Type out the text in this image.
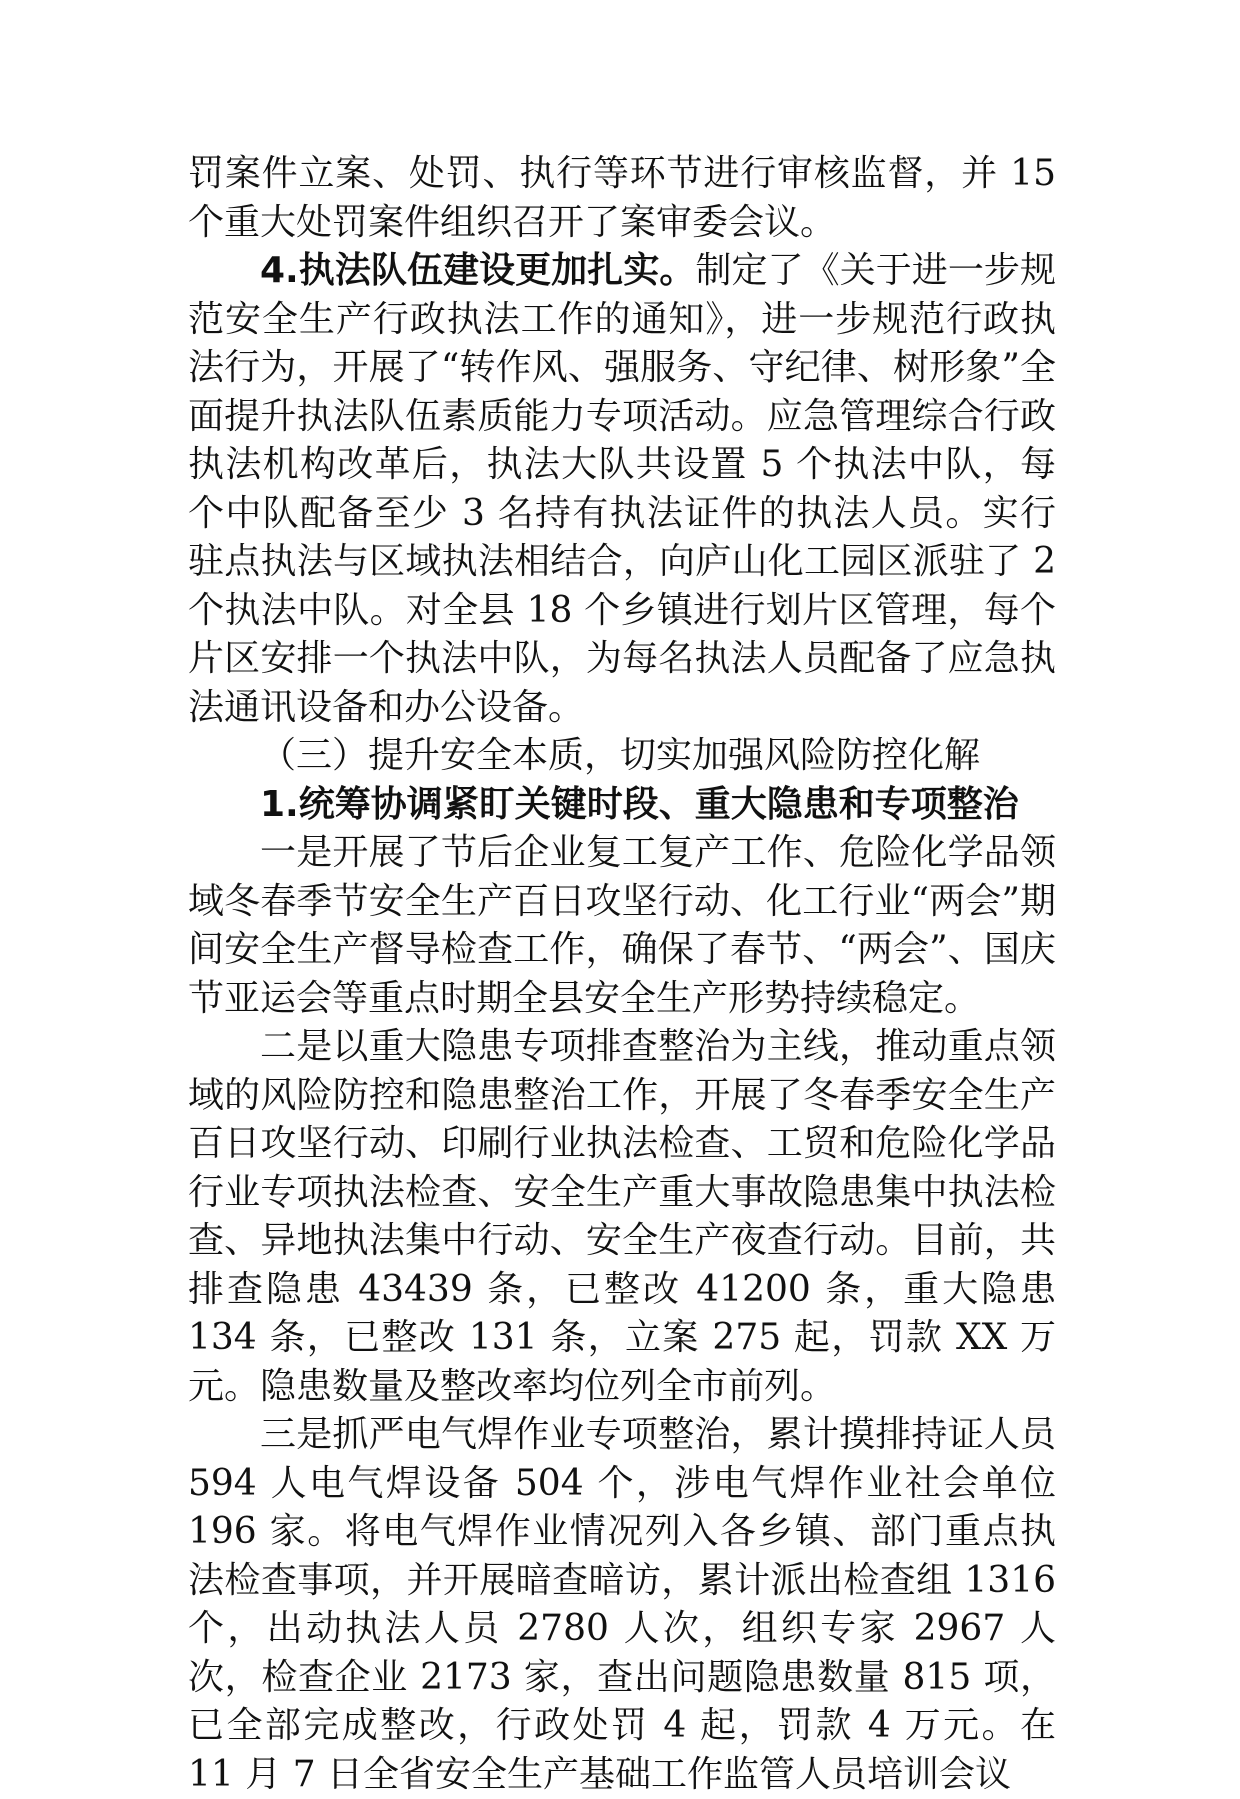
罚案件立案、处罚、执行等环节进行审核监督，并 15 个重大处罚案件组织召开了案审委会议。

4.执法队伍建设更加扎实。制定了《关于进一步规范安全生产行政执法工作的通知》，进一步规范行政执法行为，开展了“转作风、强服务、守纪律、树形象”全面提升执法队伍素质能力专项活动。应急管理综合行政执法机构改革后，执法大队共设置 5 个执法中队，每个中队配备至少 3 名持有执法证件的执法人员。实行驻点执法与区域执法相结合，向庐山化工园区派驻了 2 个执法中队。对全县 18 个乡镇进行划片区管理，每个片区安排一个执法中队，为每名执法人员配备了应急执法通讯设备和办公设备。

（三）提升安全本质，切实加强风险防控化解

1.统筹协调紧盯关键时段、重大隐患和专项整治

一是开展了节后企业复工复产工作、危险化学品领域冬春季节安全生产百日攻坚行动、化工行业“两会”期间安全生产督导检查工作，确保了春节、“两会”、国庆节亚运会等重点时期全县安全生产形势持续稳定。

二是以重大隐患专项排查整治为主线，推动重点领域的风险防控和隐患整治工作，开展了冬春季安全生产百日攻坚行动、印刷行业执法检查、工贸和危险化学品行业专项执法检查、安全生产重大事故隐患集中执法检查、异地执法集中行动、安全生产夜查行动。目前，共排查隐患 43439 条，已整改 41200 条，重大隐患 134 条，已整改 131 条，立案 275 起，罚款 XX 万元。隐患数量及整改率均位列全市前列。

三是抓严电气焊作业专项整治，累计摸排持证人员 594 人电气焊设备 504 个，涉电气焊作业社会单位 196 家。将电气焊作业情况列入各乡镇、部门重点执法检查事项，并开展暗查暗访，累计派出检查组 1316 个，出动执法人员 2780 人次，组织专家 2967 人次，检查企业 2173 家，查出问题隐患数量 815 项，已全部完成整改，行政处罚 4 起，罚款 4 万元。在 11 月 7 日全省安全生产基础工作监管人员培训会议
